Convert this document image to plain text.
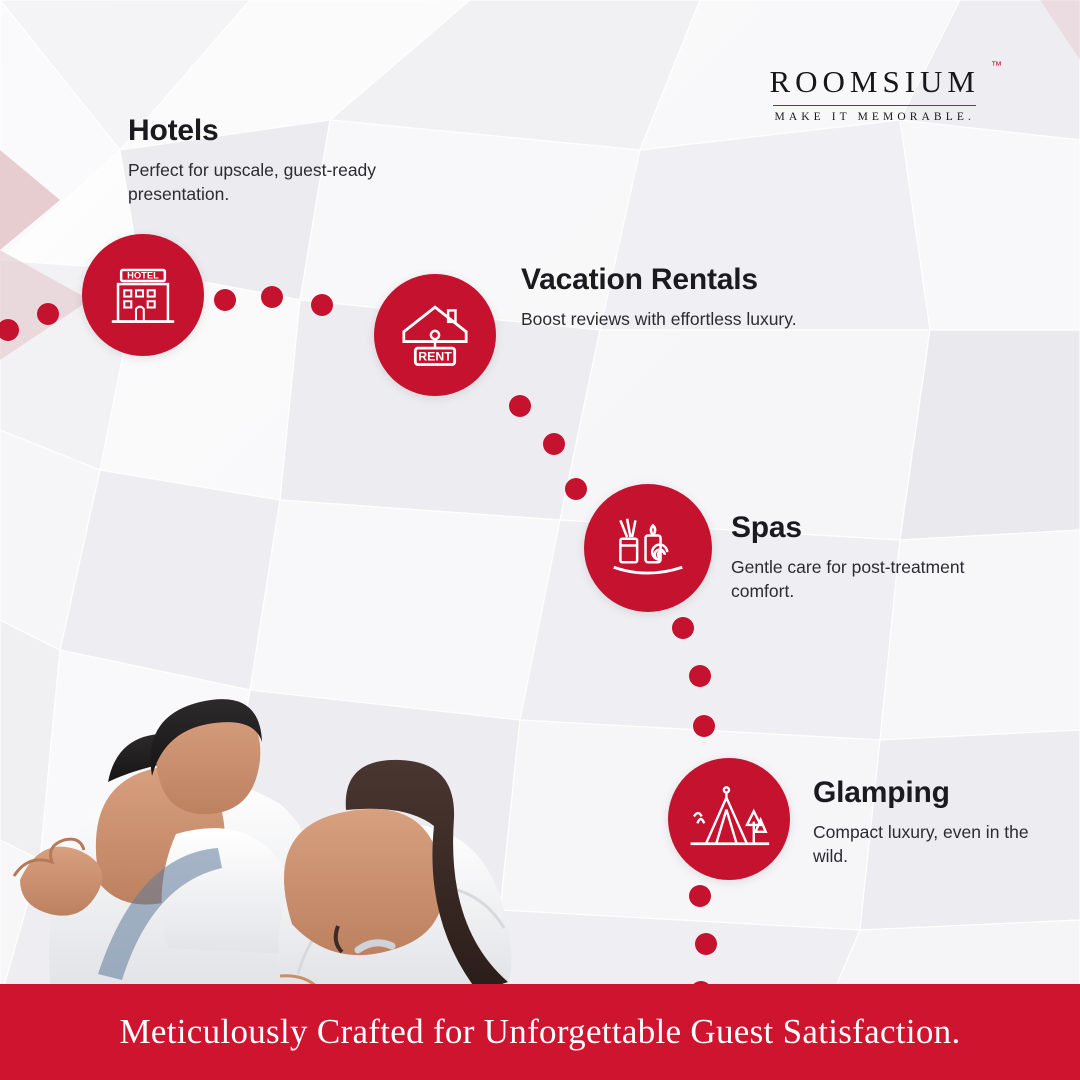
ROOMSIUM ™
MAKE IT MEMORABLE.
HOTEL
RENT
Hotels

Perfect for upscale, guest-ready presentation.

Vacation Rentals

Boost reviews with effortless luxury.

Spas

Gentle care for post-treatment comfort.

Glamping

Compact luxury, even in the wild.

Meticulously Crafted for Unforgettable Guest Satisfaction.
